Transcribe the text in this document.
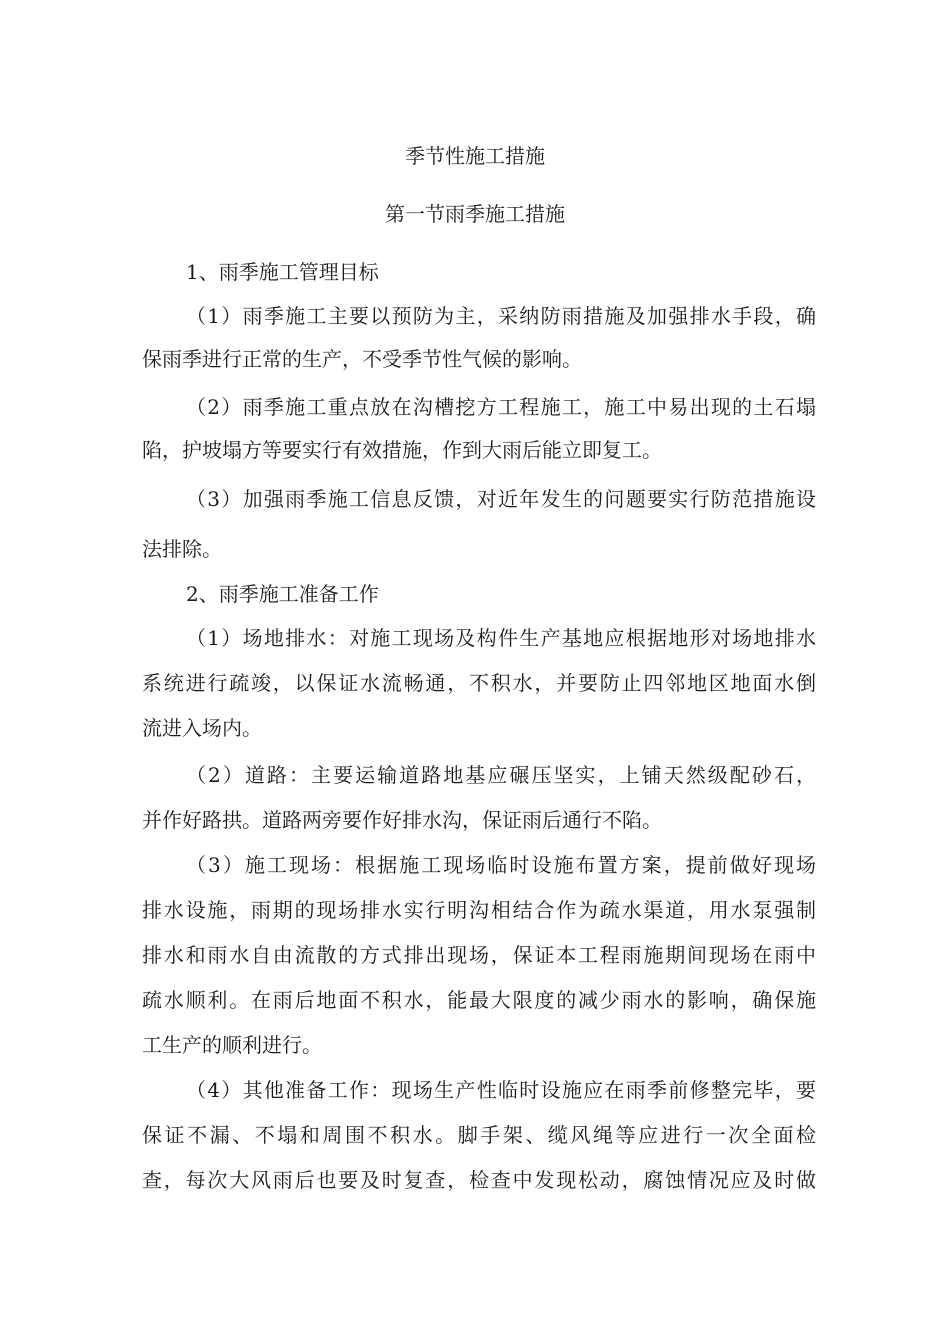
季节性施工措施
第一节雨季施工措施
1、雨季施工管理目标
（1）雨季施工主要以预防为主，采纳防雨措施及加强排水手段，确
保雨季进行正常的生产，不受季节性气候的影响。
（2）雨季施工重点放在沟槽挖方工程施工，施工中易出现的土石塌
陷，护坡塌方等要实行有效措施，作到大雨后能立即复工。
（3）加强雨季施工信息反馈，对近年发生的问题要实行防范措施设
法排除。
2、雨季施工准备工作
（1）场地排水：对施工现场及构件生产基地应根据地形对场地排水
系统进行疏竣，以保证水流畅通，不积水，并要防止四邻地区地面水倒
流进入场内。
（2）道路：主要运输道路地基应碾压坚实，上铺天然级配砂石，
并作好路拱。道路两旁要作好排水沟，保证雨后通行不陷。
（3）施工现场：根据施工现场临时设施布置方案，提前做好现场
排水设施，雨期的现场排水实行明沟相结合作为疏水渠道，用水泵强制
排水和雨水自由流散的方式排出现场，保证本工程雨施期间现场在雨中
疏水顺利。在雨后地面不积水，能最大限度的减少雨水的影响，确保施
工生产的顺利进行。
（4）其他准备工作：现场生产性临时设施应在雨季前修整完毕，要
保证不漏、不塌和周围不积水。脚手架、缆风绳等应进行一次全面检
查，每次大风雨后也要及时复查，检查中发现松动，腐蚀情况应及时做
